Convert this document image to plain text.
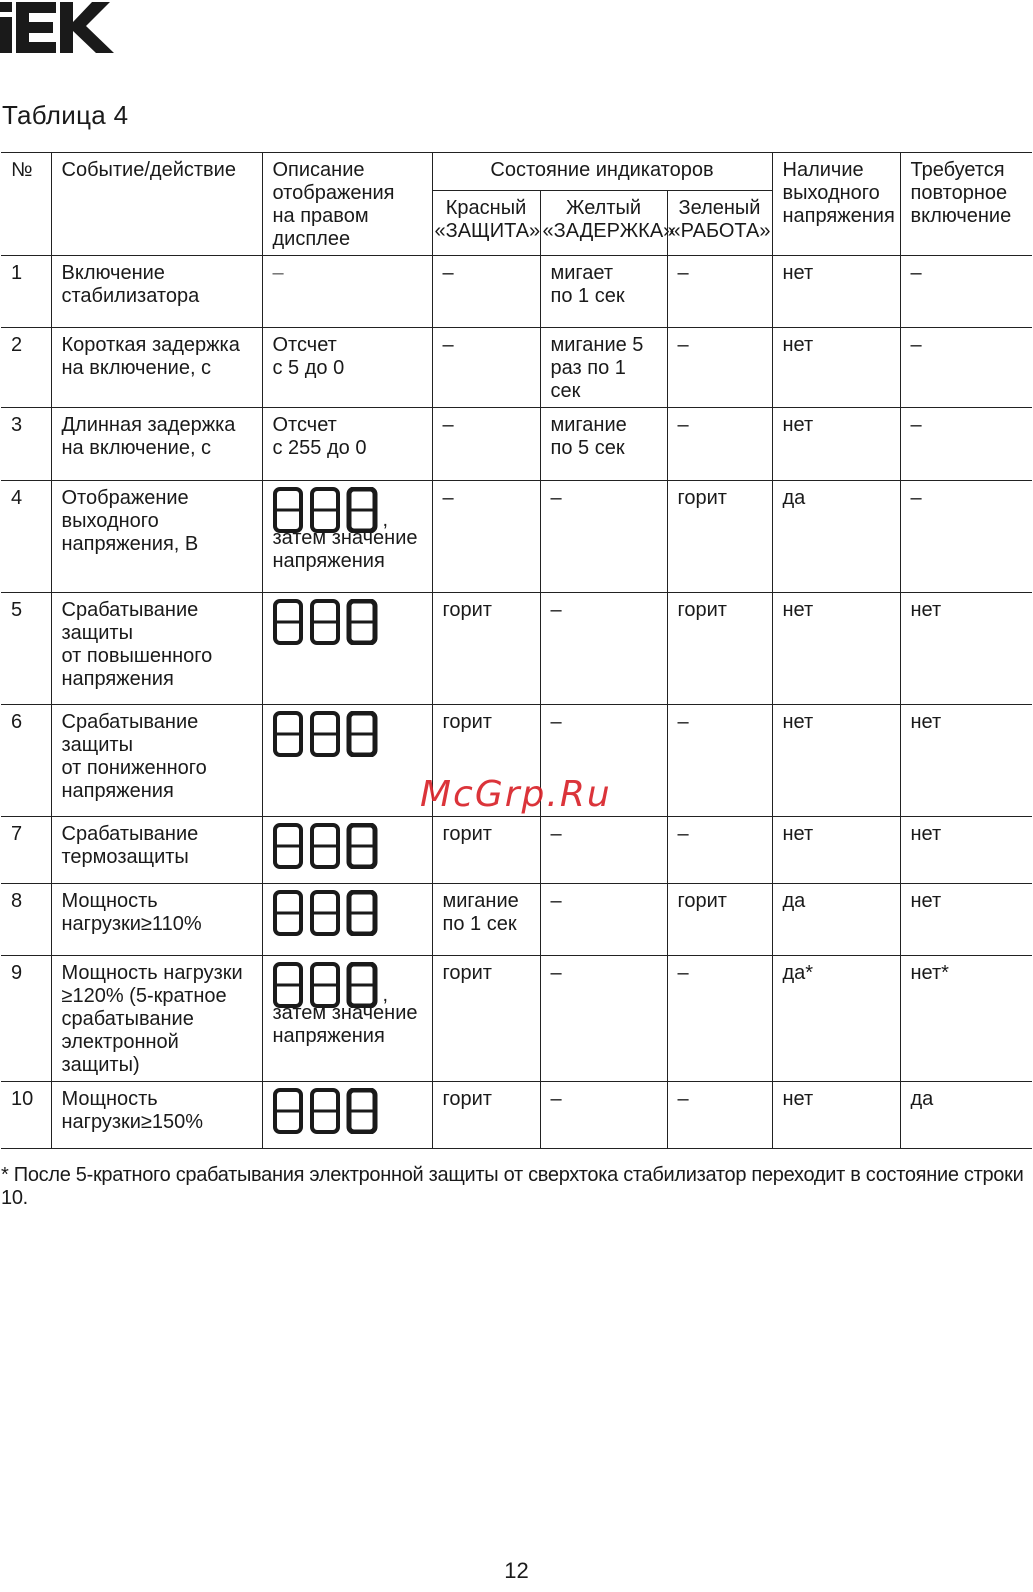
Таблица 4
№	Событие/действие	Описание
отображения
на правом
дисплее	Состояние индикаторов			Наличие
выходного
напряжения	Требуется
повторное
включение
			Красный
«ЗАЩИТА»	Желтый
«ЗАДЕРЖКА»	Зеленый
«РАБОТА»		
1	Включение
стабилизатора	–	–	мигает
по 1 сек	–	нет	–
2	Короткая задержка
на включение, с	Отсчет
с 5 до 0	–	мигание 5
раз по 1 сек	–	нет	–
3	Длинная задержка
на включение, с	Отсчет
с 255 до 0	–	мигание
по 5 сек	–	нет	–
4	Отображение
выходного
напряжения, В	,
затем значение
напряжения	–	–	горит	да	–
5	Срабатывание
защиты
от повышенного
напряжения		горит	–	горит	нет	нет
6	Срабатывание
защиты
от пониженного
напряжения		горит	–	–	нет	нет
7	Срабатывание
термозащиты		горит	–	–	нет	нет
8	Мощность
нагрузки≥110%		мигание
по 1 сек	–	горит	да	нет
9	Мощность нагрузки
≥120% (5-кратное
срабатывание
электронной защиты)	,
затем значение
напряжения	горит	–	–	да*	нет*
10	Мощность
нагрузки≥150%		горит	–	–	нет	да
* После 5-кратного срабатывания электронной защиты от сверхтока стабилизатор переходит в состояние строки 10.
McGrp.Ru
12
